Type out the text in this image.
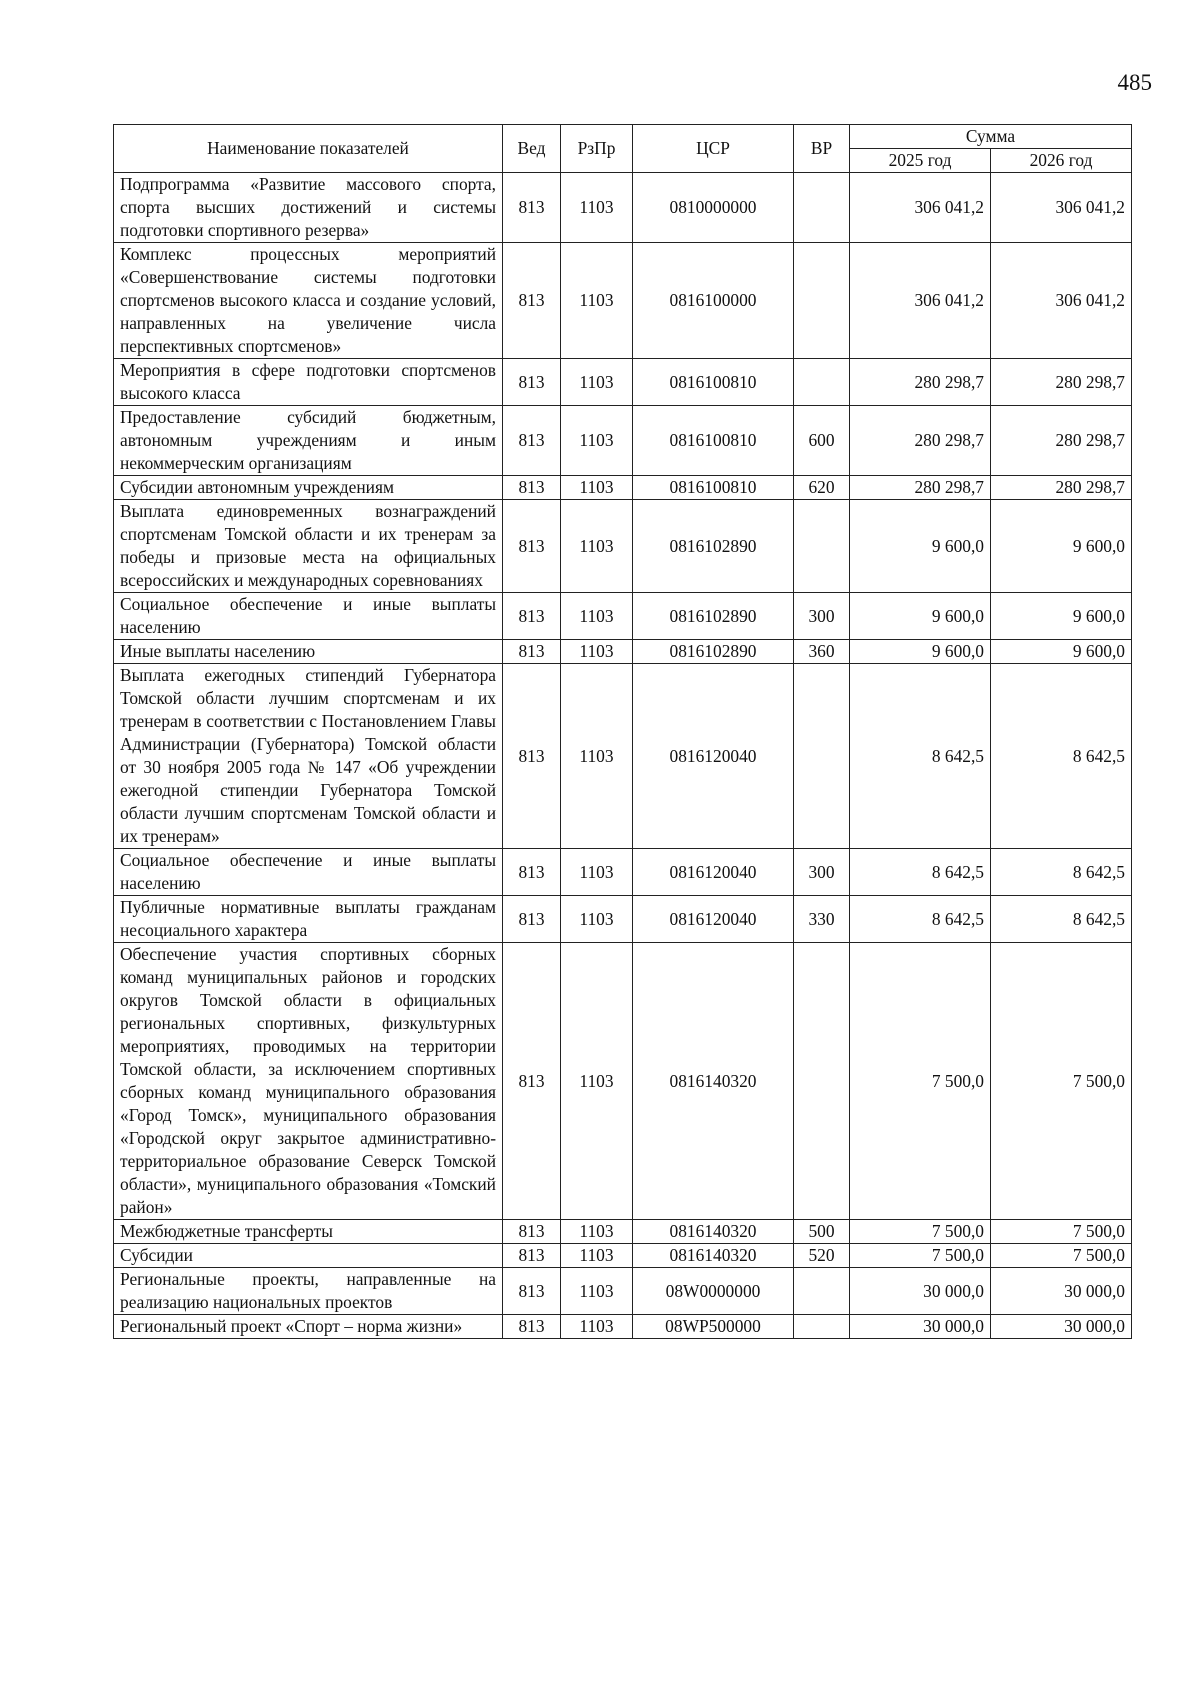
485
Наименование показателей	Вед	РзПр	ЦСР	ВР	Сумма	
					2025 год	2026 год
Подпрограмма «Развитие массового спорта, спорта высших достижений и системы подготовки спортивного резерва»	813	1103	0810000000		306 041,2	306 041,2
Комплекс процессных мероприятий «Совершенствование системы подготовки спортсменов высокого класса и создание условий, направленных на увеличение числа перспективных спортсменов»	813	1103	0816100000		306 041,2	306 041,2
Мероприятия в сфере подготовки спортсменов высокого класса	813	1103	0816100810		280 298,7	280 298,7
Предоставление субсидий бюджетным, автономным учреждениям и иным некоммерческим организациям	813	1103	0816100810	600	280 298,7	280 298,7
Субсидии автономным учреждениям	813	1103	0816100810	620	280 298,7	280 298,7
Выплата единовременных вознаграждений спортсменам Томской области и их тренерам за победы и призовые места на официальных всероссийских и международных соревнованиях	813	1103	0816102890		9 600,0	9 600,0
Социальное обеспечение и иные выплаты населению	813	1103	0816102890	300	9 600,0	9 600,0
Иные выплаты населению	813	1103	0816102890	360	9 600,0	9 600,0
Выплата ежегодных стипендий Губернатора Томской области лучшим спортсменам и их тренерам в соответствии с Постановлением Главы Администрации (Губернатора) Томской области от 30 ноября 2005 года № 147 «Об учреждении ежегодной стипендии Губернатора Томской области лучшим спортсменам Томской области и их тренерам»	813	1103	0816120040		8 642,5	8 642,5
Социальное обеспечение и иные выплаты населению	813	1103	0816120040	300	8 642,5	8 642,5
Публичные нормативные выплаты гражданам несоциального характера	813	1103	0816120040	330	8 642,5	8 642,5
Обеспечение участия спортивных сборных команд муниципальных районов и городских округов Томской области в официальных региональных спортивных, физкультурных мероприятиях, проводимых на территории Томской области, за исключением спортивных сборных команд муниципального образования «Город Томск», муниципального образования «Городской округ закрытое административно-территориальное образование Северск Томской области», муниципального образования «Томский район»	813	1103	0816140320		7 500,0	7 500,0
Межбюджетные трансферты	813	1103	0816140320	500	7 500,0	7 500,0
Субсидии	813	1103	0816140320	520	7 500,0	7 500,0
Региональные проекты, направленные на реализацию национальных проектов	813	1103	08W0000000		30 000,0	30 000,0
Региональный проект «Спорт – норма жизни»	813	1103	08WP500000		30 000,0	30 000,0
